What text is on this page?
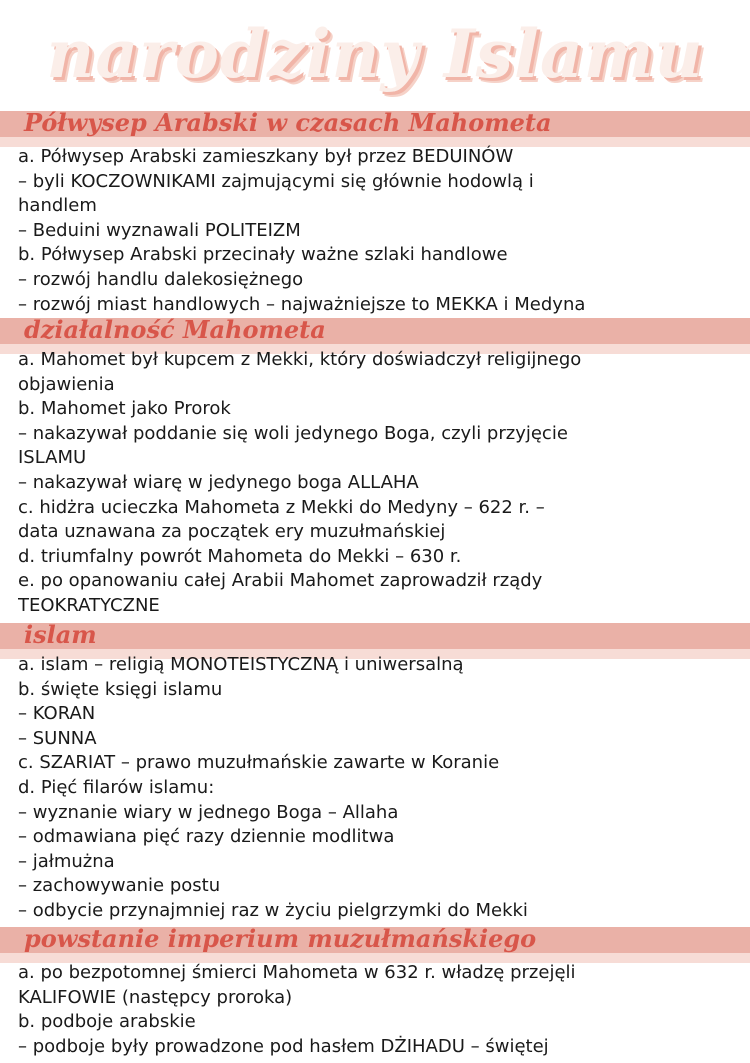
narodziny Islamu
Półwysep Arabski w czasach Mahometa
a. Półwysep Arabski zamieszkany był przez BEDUINÓW
– byli KOCZOWNIKAMI zajmującymi się głównie hodowlą i
handlem
– Beduini wyznawali POLITEIZM
b. Półwysep Arabski przecinały ważne szlaki handlowe
– rozwój handlu dalekosiężnego
– rozwój miast handlowych – najważniejsze to MEKKA i Medyna
działalność Mahometa
a. Mahomet był kupcem z Mekki, który doświadczył religijnego
objawienia
b. Mahomet jako Prorok
– nakazywał poddanie się woli jedynego Boga, czyli przyjęcie
ISLAMU
– nakazywał wiarę w jedynego boga ALLAHA
c. hidżra ucieczka Mahometa z Mekki do Medyny – 622 r. –
data uznawana za początek ery muzułmańskiej
d. triumfalny powrót Mahometa do Mekki – 630 r.
e. po opanowaniu całej Arabii Mahomet zaprowadził rządy
TEOKRATYCZNE
islam
a. islam – religią MONOTEISTYCZNĄ i uniwersalną
b. święte księgi islamu
– KORAN
– SUNNA
c. SZARIAT – prawo muzułmańskie zawarte w Koranie
d. Pięć filarów islamu:
– wyznanie wiary w jednego Boga – Allaha
– odmawiana pięć razy dziennie modlitwa
– jałmużna
– zachowywanie postu
– odbycie przynajmniej raz w życiu pielgrzymki do Mekki
powstanie imperium muzułmańskiego
a. po bezpotomnej śmierci Mahometa w 632 r. władzę przejęli
KALIFOWIE (następcy proroka)
b. podboje arabskie
– podboje były prowadzone pod hasłem DŻIHADU – świętej
